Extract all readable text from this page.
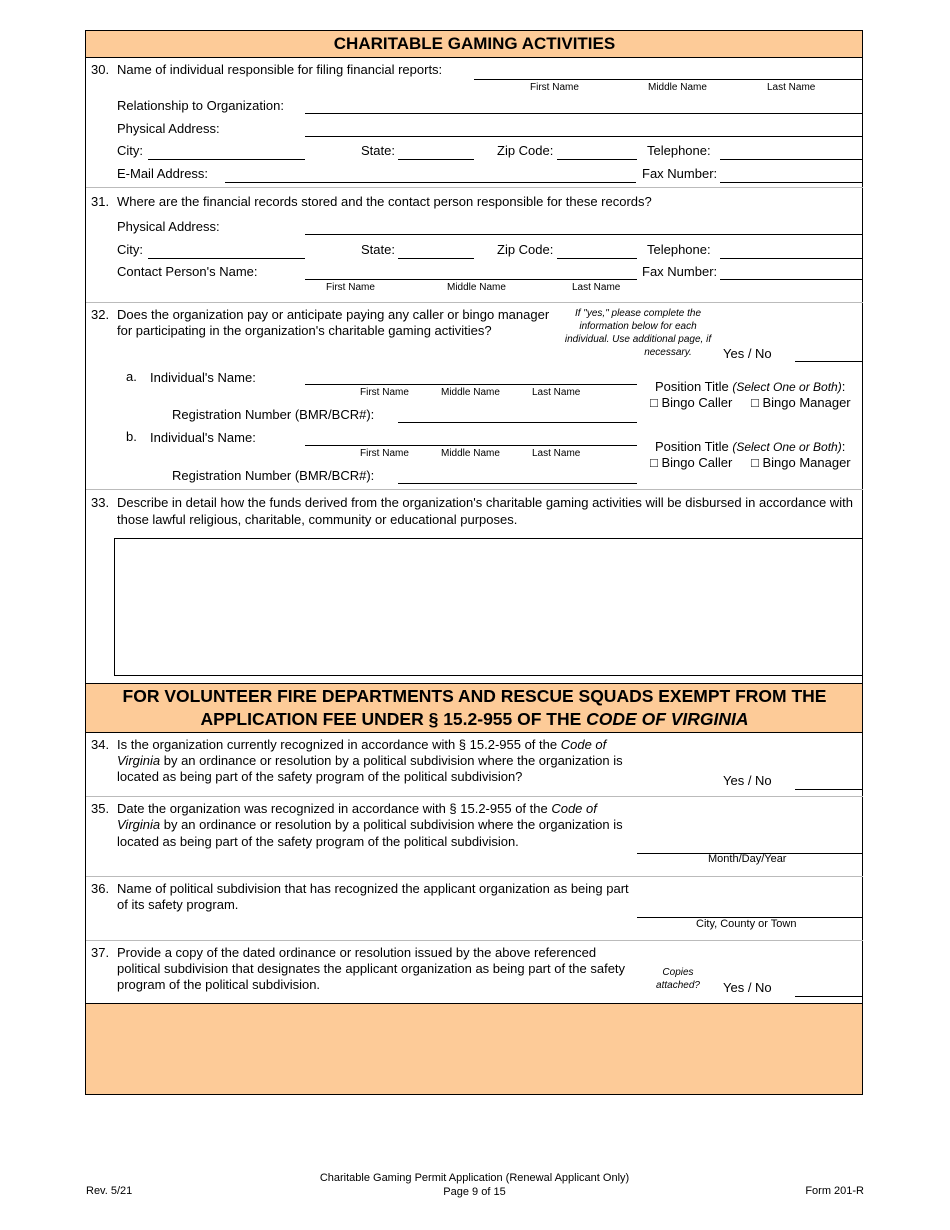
CHARITABLE GAMING ACTIVITIES
30. Name of individual responsible for filing financial reports:
First Name	Middle Name	Last Name
Relationship to Organization:
Physical Address:
City:	State:	Zip Code:	Telephone:
E-Mail Address:	Fax Number:
31. Where are the financial records stored and the contact person responsible for these records?
Physical Address:
City:	State:	Zip Code:	Telephone:
Contact Person's Name:	Fax Number:
First Name	Middle Name	Last Name
32. Does the organization pay or anticipate paying any caller or bingo manager
for participating in the organization's charitable gaming activities?
If "yes," please complete the
information below for each
individual. Use additional page, if
necessary.	Yes / No
a. Individual's Name:
First Name	Middle Name	Last Name	Position Title (Select One or Both):
□ Bingo Caller □ Bingo Manager
Registration Number (BMR/BCR#):
b. Individual's Name:
First Name	Middle Name	Last Name	Position Title (Select One or Both):
□ Bingo Caller □ Bingo Manager
Registration Number (BMR/BCR#):
33. Describe in detail how the funds derived from the organization's charitable gaming activities will be disbursed in accordance with
those lawful religious, charitable, community or educational purposes.
FOR VOLUNTEER FIRE DEPARTMENTS AND RESCUE SQUADS EXEMPT FROM THE
APPLICATION FEE UNDER § 15.2-955 OF THE CODE OF VIRGINIA
34. Is the organization currently recognized in accordance with § 15.2-955 of the Code of
Virginia by an ordinance or resolution by a political subdivision where the organization is
located as being part of the safety program of the political subdivision?	Yes / No
35. Date the organization was recognized in accordance with § 15.2-955 of the Code of
Virginia by an ordinance or resolution by a political subdivision where the organization is
located as being part of the safety program of the political subdivision.
Month/Day/Year
36. Name of political subdivision that has recognized the applicant organization as being part
of its safety program.
City, County or Town
37. Provide a copy of the dated ordinance or resolution issued by the above referenced
political subdivision that designates the applicant organization as being part of the safety
program of the political subdivision.
Copies
attached?	Yes / No
Rev. 5/21
Charitable Gaming Permit Application (Renewal Applicant Only)
Page 9 of 15	Form 201-R
